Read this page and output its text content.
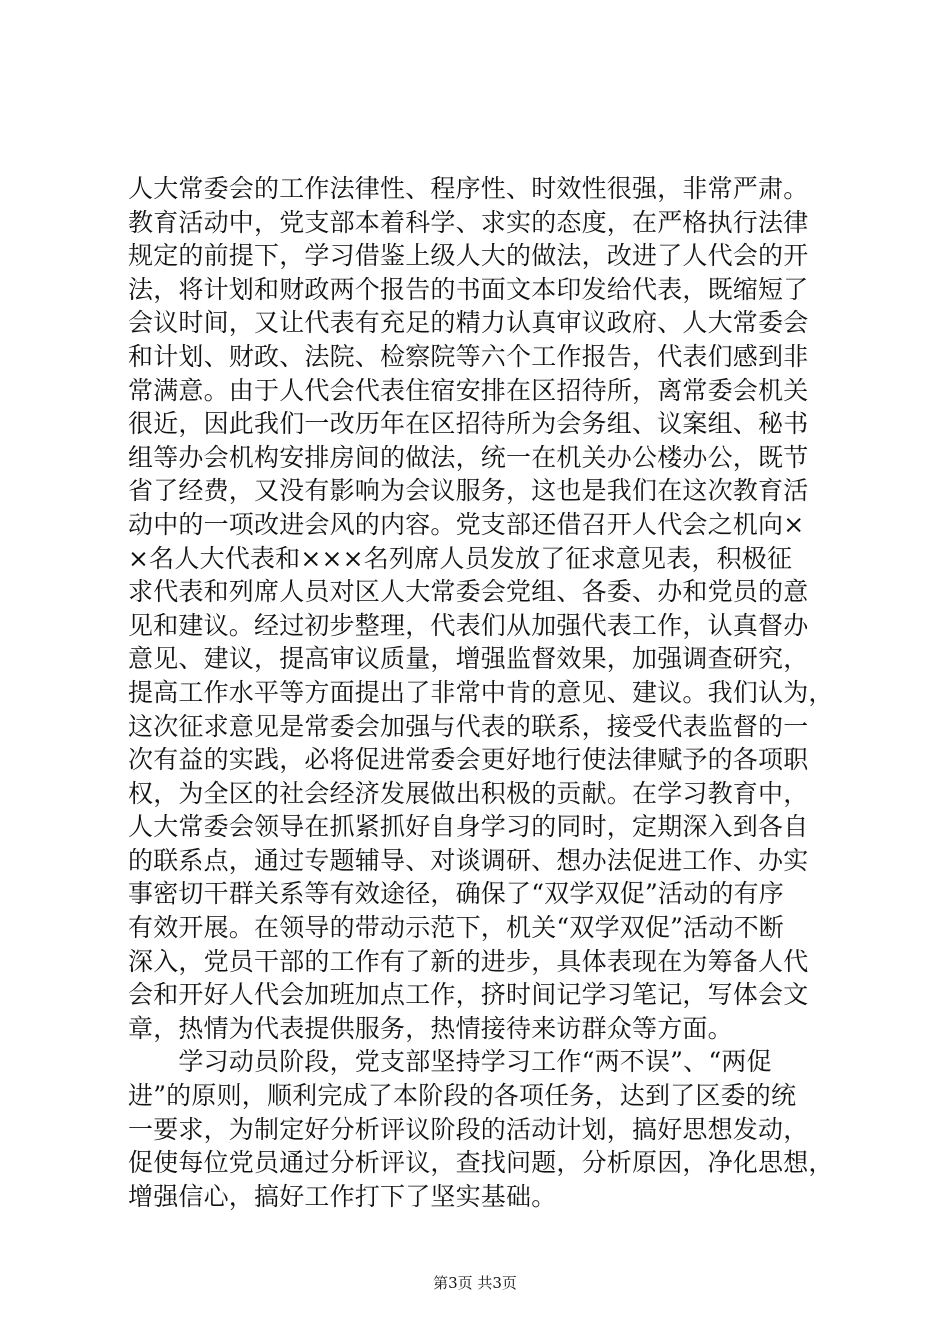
人大常委会的工作法律性、程序性、时效性很强，非常严肃。
教育活动中，党支部本着科学、求实的态度，在严格执行法律
规定的前提下，学习借鉴上级人大的做法，改进了人代会的开
法，将计划和财政两个报告的书面文本印发给代表，既缩短了
会议时间，又让代表有充足的精力认真审议政府、人大常委会
和计划、财政、法院、检察院等六个工作报告，代表们感到非
常满意。由于人代会代表住宿安排在区招待所，离常委会机关
很近，因此我们一改历年在区招待所为会务组、议案组、秘书
组等办会机构安排房间的做法，统一在机关办公楼办公，既节
省了经费，又没有影响为会议服务，这也是我们在这次教育活
动中的一项改进会风的内容。党支部还借召开人代会之机向×
×名人大代表和×××名列席人员发放了征求意见表，积极征
求代表和列席人员对区人大常委会党组、各委、办和党员的意
见和建议。经过初步整理，代表们从加强代表工作，认真督办
意见、建议，提高审议质量，增强监督效果，加强调查研究，
提高工作水平等方面提出了非常中肯的意见、建议。我们认为，
这次征求意见是常委会加强与代表的联系，接受代表监督的一
次有益的实践，必将促进常委会更好地行使法律赋予的各项职
权，为全区的社会经济发展做出积极的贡献。在学习教育中，
人大常委会领导在抓紧抓好自身学习的同时，定期深入到各自
的联系点，通过专题辅导、对谈调研、想办法促进工作、办实
事密切干群关系等有效途径，确保了“双学双促”活动的有序
有效开展。在领导的带动示范下，机关“双学双促”活动不断
深入，党员干部的工作有了新的进步，具体表现在为筹备人代
会和开好人代会加班加点工作，挤时间记学习笔记，写体会文
章，热情为代表提供服务，热情接待来访群众等方面。
　　学习动员阶段，党支部坚持学习工作“两不误”、“两促
进”的原则，顺利完成了本阶段的各项任务，达到了区委的统
一要求，为制定好分析评议阶段的活动计划，搞好思想发动，
促使每位党员通过分析评议，查找问题，分析原因，净化思想，
增强信心，搞好工作打下了坚实基础。
第3页 共3页
